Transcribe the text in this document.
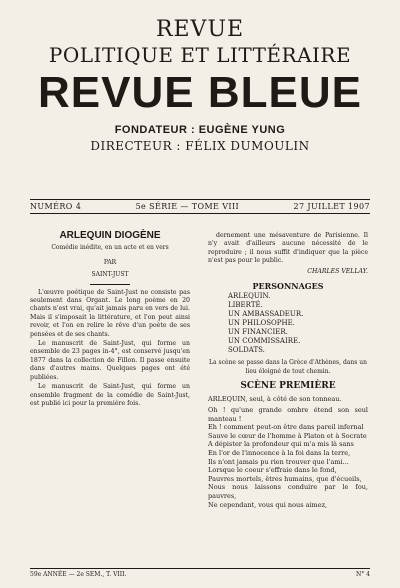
REVUE
POLITIQUE ET LITTÉRAIRE
REVUE BLEUE
FONDATEUR : EUGÈNE YUNG
DIRECTEUR : FÉLIX DUMOULIN
NUMÉRO 4	5e SÉRIE — TOME VIII	27 JUILLET 1907
ARLEQUIN DIOGÈNE
Comédie inédite, en un acte et en vers
PAR
SAINT-JUST
L'œuvre poétique de Saint-Just ne consiste pas seulement dans Organt. Le long poème en 20 chants n'est vrai, qu'ait jamais paru en vers de lui. Mais il s'imposait la littérature, et l'on peut ainsi revoir, et l'on en relire le rêve d'un poète de ses pensées et de ses chants.
Le manuscrit de Saint-Just, qui forme un ensemble de 23 pages in-4°, est conservé jusqu'en 1877 dans la collection de Fillon. Il passe ensuite dans d'autres mains. Quelques pages ont été publiées.
Le manuscrit de Saint-Just, qui forme un ensemble fragment de la comédie de Saint-Just, est publié ici pour la première fois.
dernement une mésaventure de Parisienne. Il n'y avait d'ailleurs aucune nécessité de le reproduire ; il nous suffit d'indiquer que la pièce n'est pas pour le public.
CHARLES VELLAY.
PERSONNAGES
ARLEQUIN.
LIBERTÉ.
UN AMBASSADEUR.
UN PHILOSOPHE.
UN FINANCIER.
UN COMMISSAIRE.
SOLDATS.
La scène se passe dans la Grèce d'Athènes, dans un lieu éloigné de tout chemin.
SCÈNE PREMIÈRE
ARLEQUIN, seul, à côté de son tonneau.
Oh ! qu'une grande ombre étend son seul manteau !
Eh ! comment peut-on être dans pareil infernal
Sauve le cœur de l'homme à Platon et à Socrate
A dépister la profondeur qui m'a mis là sans
En l'or de l'innocence à la foi dans la terre,
Ils n'ont jamais pu rien trouver que l'ami...
Lorsque le coeur s'effraie dans le fond,
Pauvres mortels, êtres humains, que d'écueils,
Nous nous laissons conduire par le fou, pauvres,
Ne cependant, vous qui nous aimez,
59e ANNÉE — 2e SEM., T. VIII.	N° 4
